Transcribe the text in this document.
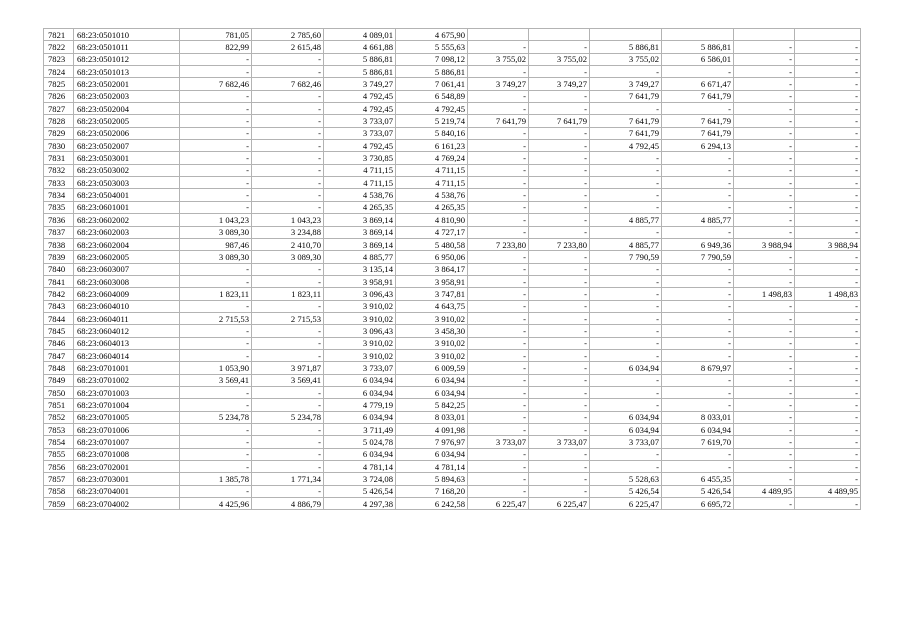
7821	68:23:0501010	781,05	2 785,60	4 089,01	4 675,90						
7822	68:23:0501011	822,99	2 615,48	4 661,88	5 555,63	-	-	5 886,81	5 886,81	-	-
7823	68:23:0501012	-	-	5 886,81	7 098,12	3 755,02	3 755,02	3 755,02	6 586,01	-	-
7824	68:23:0501013	-	-	5 886,81	5 886,81	-	-	-	-	-	-
7825	68:23:0502001	7 682,46	7 682,46	3 749,27	7 061,41	3 749,27	3 749,27	3 749,27	6 671,47	-	-
7826	68:23:0502003	-	-	4 792,45	6 548,89	-	-	7 641,79	7 641,79	-	-
7827	68:23:0502004	-	-	4 792,45	4 792,45	-	-	-	-	-	-
7828	68:23:0502005	-	-	3 733,07	5 219,74	7 641,79	7 641,79	7 641,79	7 641,79	-	-
7829	68:23:0502006	-	-	3 733,07	5 840,16	-	-	7 641,79	7 641,79	-	-
7830	68:23:0502007	-	-	4 792,45	6 161,23	-	-	4 792,45	6 294,13	-	-
7831	68:23:0503001	-	-	3 730,85	4 769,24	-	-	-	-	-	-
7832	68:23:0503002	-	-	4 711,15	4 711,15	-	-	-	-	-	-
7833	68:23:0503003	-	-	4 711,15	4 711,15	-	-	-	-	-	-
7834	68:23:0504001	-	-	4 538,76	4 538,76	-	-	-	-	-	-
7835	68:23:0601001	-	-	4 265,35	4 265,35	-	-	-	-	-	-
7836	68:23:0602002	1 043,23	1 043,23	3 869,14	4 810,90	-	-	4 885,77	4 885,77	-	-
7837	68:23:0602003	3 089,30	3 234,88	3 869,14	4 727,17	-	-	-	-	-	-
7838	68:23:0602004	987,46	2 410,70	3 869,14	5 480,58	7 233,80	7 233,80	4 885,77	6 949,36	3 988,94	3 988,94
7839	68:23:0602005	3 089,30	3 089,30	4 885,77	6 950,06	-	-	7 790,59	7 790,59	-	-
7840	68:23:0603007	-	-	3 135,14	3 864,17	-	-	-	-	-	-
7841	68:23:0603008	-	-	3 958,91	3 958,91	-	-	-	-	-	-
7842	68:23:0604009	1 823,11	1 823,11	3 096,43	3 747,81	-	-	-	-	1 498,83	1 498,83
7843	68:23:0604010	-	-	3 910,02	4 643,75	-	-	-	-	-	-
7844	68:23:0604011	2 715,53	2 715,53	3 910,02	3 910,02	-	-	-	-	-	-
7845	68:23:0604012	-	-	3 096,43	3 458,30	-	-	-	-	-	-
7846	68:23:0604013	-	-	3 910,02	3 910,02	-	-	-	-	-	-
7847	68:23:0604014	-	-	3 910,02	3 910,02	-	-	-	-	-	-
7848	68:23:0701001	1 053,90	3 971,87	3 733,07	6 009,59	-	-	6 034,94	8 679,97	-	-
7849	68:23:0701002	3 569,41	3 569,41	6 034,94	6 034,94	-	-	-	-	-	-
7850	68:23:0701003	-	-	6 034,94	6 034,94	-	-	-	-	-	-
7851	68:23:0701004	-	-	4 779,19	5 842,25	-	-	-	-	-	-
7852	68:23:0701005	5 234,78	5 234,78	6 034,94	8 033,01	-	-	6 034,94	8 033,01	-	-
7853	68:23:0701006	-	-	3 711,49	4 091,98	-	-	6 034,94	6 034,94	-	-
7854	68:23:0701007	-	-	5 024,78	7 976,97	3 733,07	3 733,07	3 733,07	7 619,70	-	-
7855	68:23:0701008	-	-	6 034,94	6 034,94	-	-	-	-	-	-
7856	68:23:0702001	-	-	4 781,14	4 781,14	-	-	-	-	-	-
7857	68:23:0703001	1 385,78	1 771,34	3 724,08	5 894,63	-	-	5 528,63	6 455,35	-	-
7858	68:23:0704001	-	-	5 426,54	7 168,20	-	-	5 426,54	5 426,54	4 489,95	4 489,95
7859	68:23:0704002	4 425,96	4 886,79	4 297,38	6 242,58	6 225,47	6 225,47	6 225,47	6 695,72	-	-
